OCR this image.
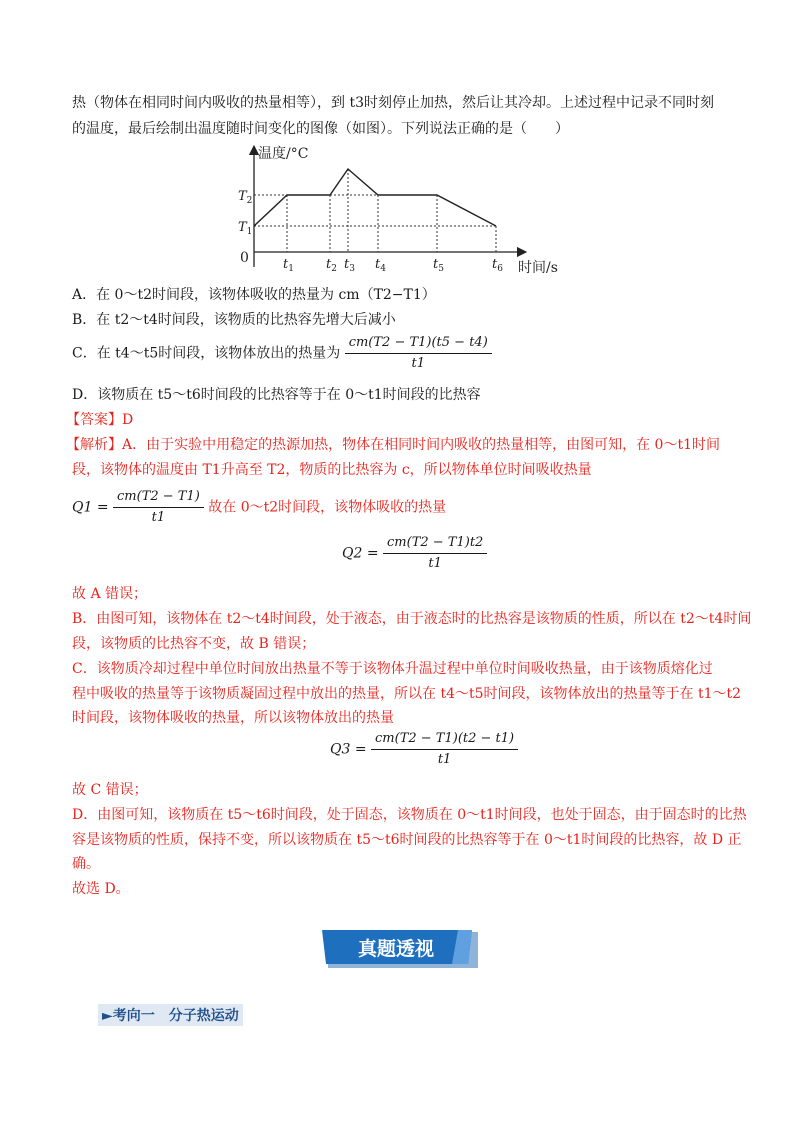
热（物体在相同时间内吸收的热量相等），到 t3时刻停止加热，然后让其冷却。上述过程中记录不同时刻
的温度，最后绘制出温度随时间变化的图像（如图）。下列说法正确的是（　　）
温度/°C
时间/s
0
$T_2$
$T_1$
$t_1$ $t_2$ $t_3$ $t_4$	$t_5$	$t_6$
A．在 0～t2时间段，该物体吸收的热量为 cm（T2−T1）
B．在 t2～t4时间段，该物质的比热容先增大后减小
C．在 t4～t5时间段，该物体放出的热量为 $\frac{cm(T2 - T1)(t5 - t4)}{t1}$
D．该物质在 t5～t6时间段的比热容等于在 0～t1时间段的比热容
【答案】D
【解析】A．由于实验中用稳定的热源加热，物体在相同时间内吸收的热量相等，由图可知，在 0～t1时间
段，该物体的温度由 T1升高至 T2，物质的比热容为 c，所以物体单位时间吸收热量
$Q1 = \frac{cm(T2 - T1)}{t1}$ 故在 0～t2时间段，该物体吸收的热量
$Q2 = \frac{cm(T2 - T1)t2}{t1}$
故 A 错误；
B．由图可知，该物体在 t2～t4时间段，处于液态，由于液态时的比热容是该物质的性质，所以在 t2～t4时间
段，该物质的比热容不变，故 B 错误；
C．该物质冷却过程中单位时间放出热量不等于该物体升温过程中单位时间吸收热量，由于该物质熔化过
程中吸收的热量等于该物质凝固过程中放出的热量，所以在 t4～t5时间段，该物体放出的热量等于在 t1～t2
时间段，该物体吸收的热量，所以该物体放出的热量
$Q3 = \frac{cm(T2 - T1)(t2 - t1)}{t1}$
故 C 错误；
D．由图可知，该物质在 t5～t6时间段，处于固态，该物质在 0～t1时间段，也处于固态，由于固态时的比热
容是该物质的性质，保持不变，所以该物质在 t5～t6时间段的比热容等于在 0～t1时间段的比热容，故 D 正
确。
故选 D。
真题透视
►考向一　分子热运动
